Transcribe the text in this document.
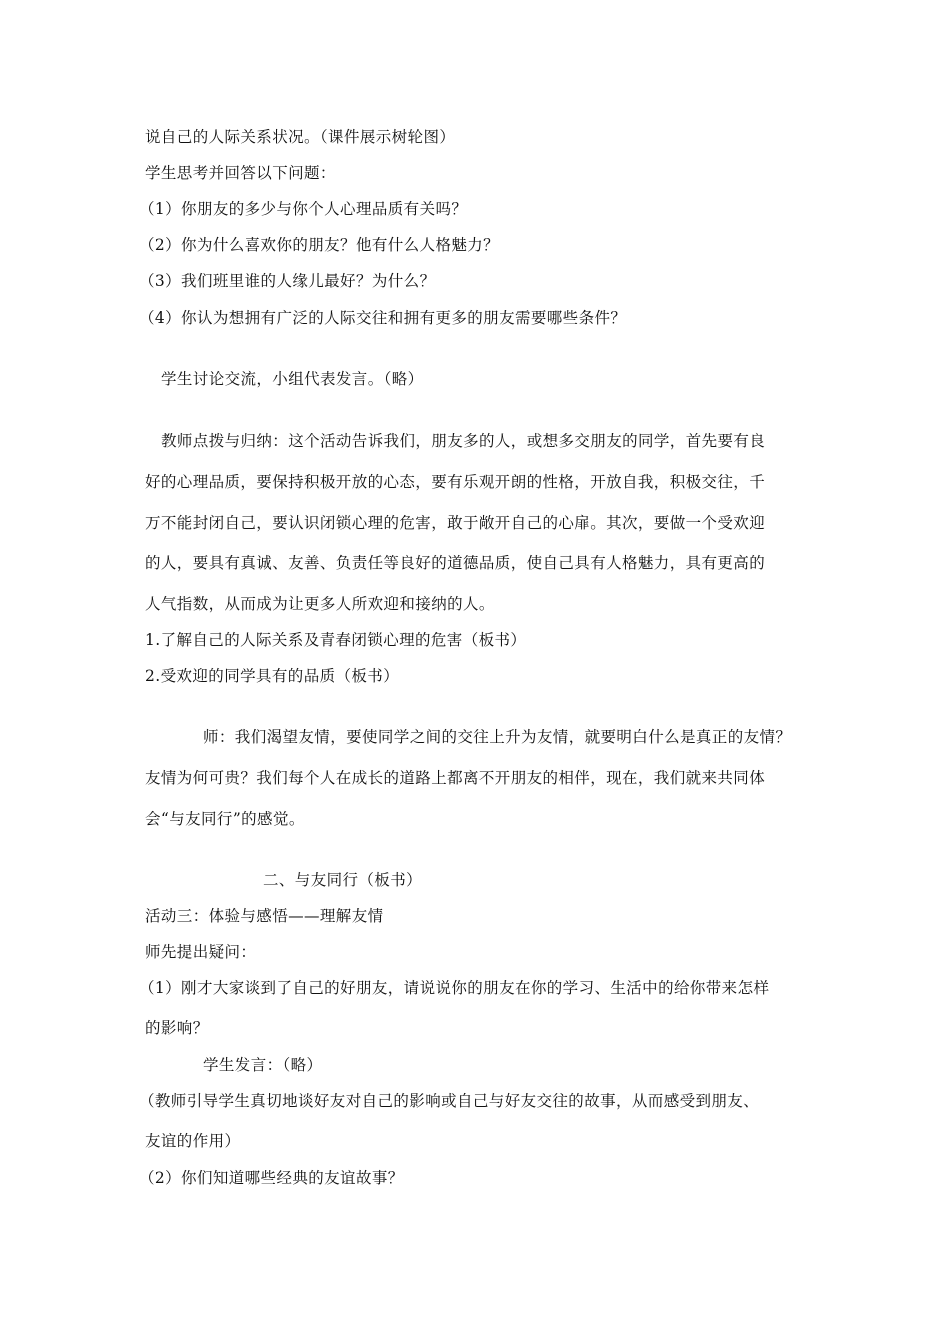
说自己的人际关系状况。（课件展示树轮图）
学生思考并回答以下问题：
（1）你朋友的多少与你个人心理品质有关吗？
（2）你为什么喜欢你的朋友？他有什么人格魅力？
（3）我们班里谁的人缘儿最好？为什么？
（4）你认为想拥有广泛的人际交往和拥有更多的朋友需要哪些条件？
学生讨论交流，小组代表发言。（略）
教师点拨与归纳：这个活动告诉我们，朋友多的人，或想多交朋友的同学，首先要有良
好的心理品质，要保持积极开放的心态，要有乐观开朗的性格，开放自我，积极交往，千
万不能封闭自己，要认识闭锁心理的危害，敢于敞开自己的心扉。其次，要做一个受欢迎
的人，要具有真诚、友善、负责任等良好的道德品质，使自己具有人格魅力，具有更高的
人气指数，从而成为让更多人所欢迎和接纳的人。
1.了解自己的人际关系及青春闭锁心理的危害（板书）
2.受欢迎的同学具有的品质（板书）
师：我们渴望友情，要使同学之间的交往上升为友情，就要明白什么是真正的友情？
友情为何可贵？我们每个人在成长的道路上都离不开朋友的相伴，现在，我们就来共同体
会“与友同行”的感觉。
二、与友同行（板书）
活动三：体验与感悟——理解友情
师先提出疑问：
（1）刚才大家谈到了自己的好朋友，请说说你的朋友在你的学习、生活中的给你带来怎样
的影响？
学生发言：（略）
（教师引导学生真切地谈好友对自己的影响或自己与好友交往的故事，从而感受到朋友、
友谊的作用）
（2）你们知道哪些经典的友谊故事？
